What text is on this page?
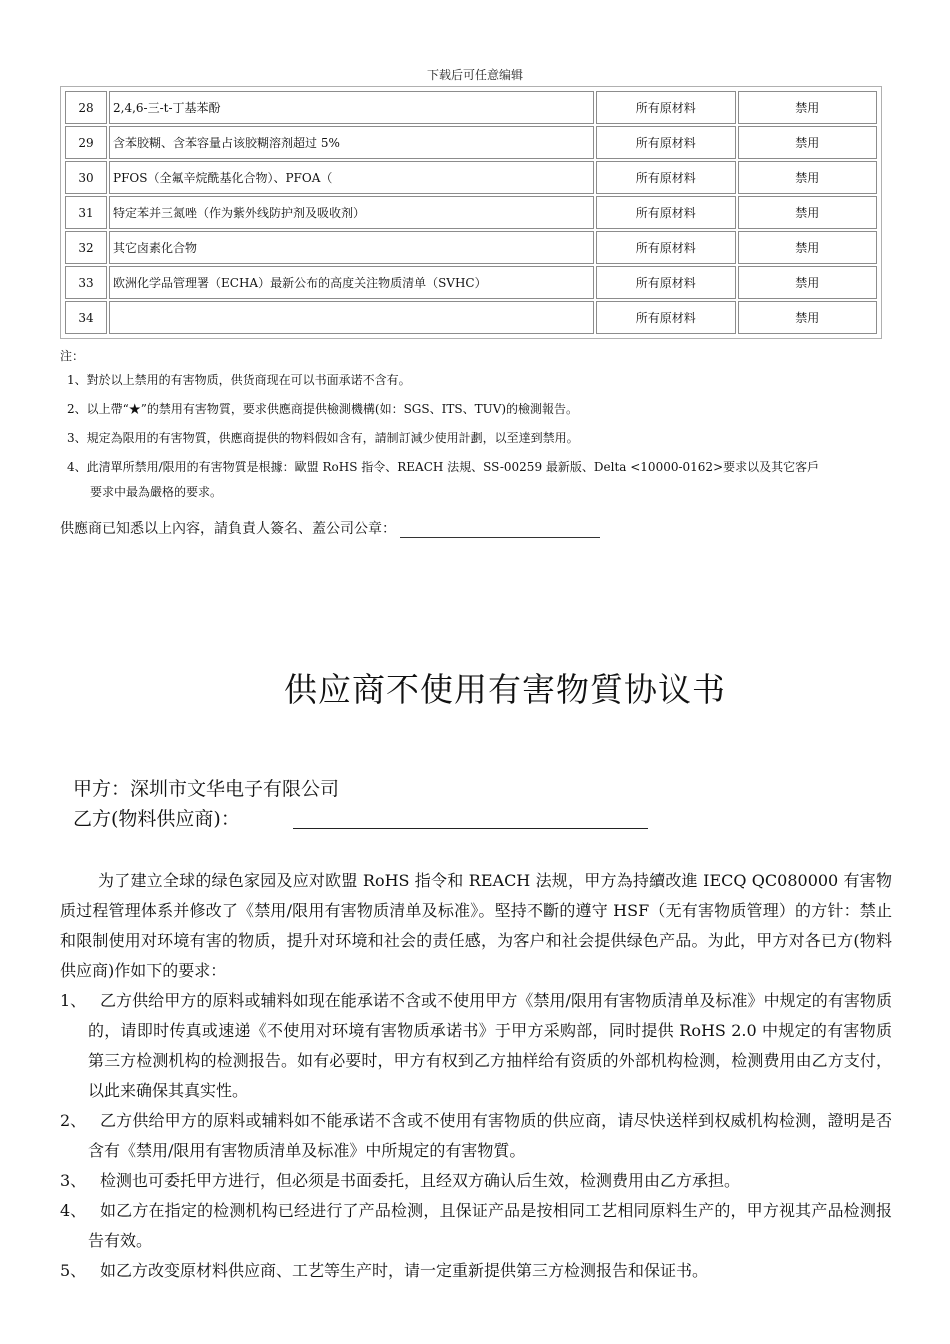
下载后可任意编辑
28	2,4,6-三-t-丁基苯酚	所有原材料	禁用
29	含苯胶糊、含苯容量占该胶糊溶剂超过 5%	所有原材料	禁用
30	PFOS（全氟辛烷酰基化合物）、PFOA（	所有原材料	禁用
31	特定苯并三氮唑（作为紫外线防护剂及吸收剂）	所有原材料	禁用
32	其它卤素化合物	所有原材料	禁用
33	欧洲化学品管理署（ECHA）最新公布的高度关注物质清单（SVHC）	所有原材料	禁用
34		所有原材料	禁用
注：
1、對於以上禁用的有害物质，供货商现在可以书面承诺不含有。
2、以上帶“★”的禁用有害物質，要求供應商提供檢測機構(如：SGS、ITS、TUV)的檢測報告。
3、規定為限用的有害物質，供應商提供的物料假如含有，請制訂減少使用計劃，以至達到禁用。
4、此清單所禁用/限用的有害物質是根據：歐盟 RoHS 指令、REACH 法規、SS-00259 最新版、Delta <10000-0162>要求以及其它客戶
要求中最為嚴格的要求。
供應商已知悉以上內容，請負責人簽名、蓋公司公章：
供应商不使用有害物質协议书
甲方：深圳市文华电子有限公司
乙方(物料供应商)：

为了建立全球的绿色家园及应对欧盟 RoHS 指令和 REACH 法规，甲方為持續改進 IECQ QC080000 有害物质过程管理体系并修改了《禁用/限用有害物质清单及标准》。堅持不斷的遵守 HSF（无有害物质管理）的方针：禁止和限制使用对环境有害的物质，提升对环境和社会的责任感，为客户和社会提供绿色产品。为此，甲方对各已方(物料供应商)作如下的要求：

1、 乙方供给甲方的原料或辅料如现在能承诺不含或不使用甲方《禁用/限用有害物质清单及标准》中规定的有害物质的，请即时传真或速递《不使用对环境有害物质承诺书》于甲方采购部，同时提供 RoHS 2.0 中规定的有害物质第三方检测机构的检测报告。如有必要时，甲方有权到乙方抽样给有资质的外部机构检测，检测费用由乙方支付，以此来确保其真实性。
2、 乙方供给甲方的原料或辅料如不能承诺不含或不使用有害物质的供应商，请尽快送样到权威机构检测，證明是否含有《禁用/限用有害物质清单及标准》中所規定的有害物質。
3、 检测也可委托甲方进行，但必须是书面委托，且经双方确认后生效，检测费用由乙方承担。
4、 如乙方在指定的检测机构已经进行了产品检测，且保证产品是按相同工艺相同原料生产的，甲方视其产品检测报告有效。
5、 如乙方改变原材料供应商、工艺等生产时，请一定重新提供第三方检测报告和保证书。
